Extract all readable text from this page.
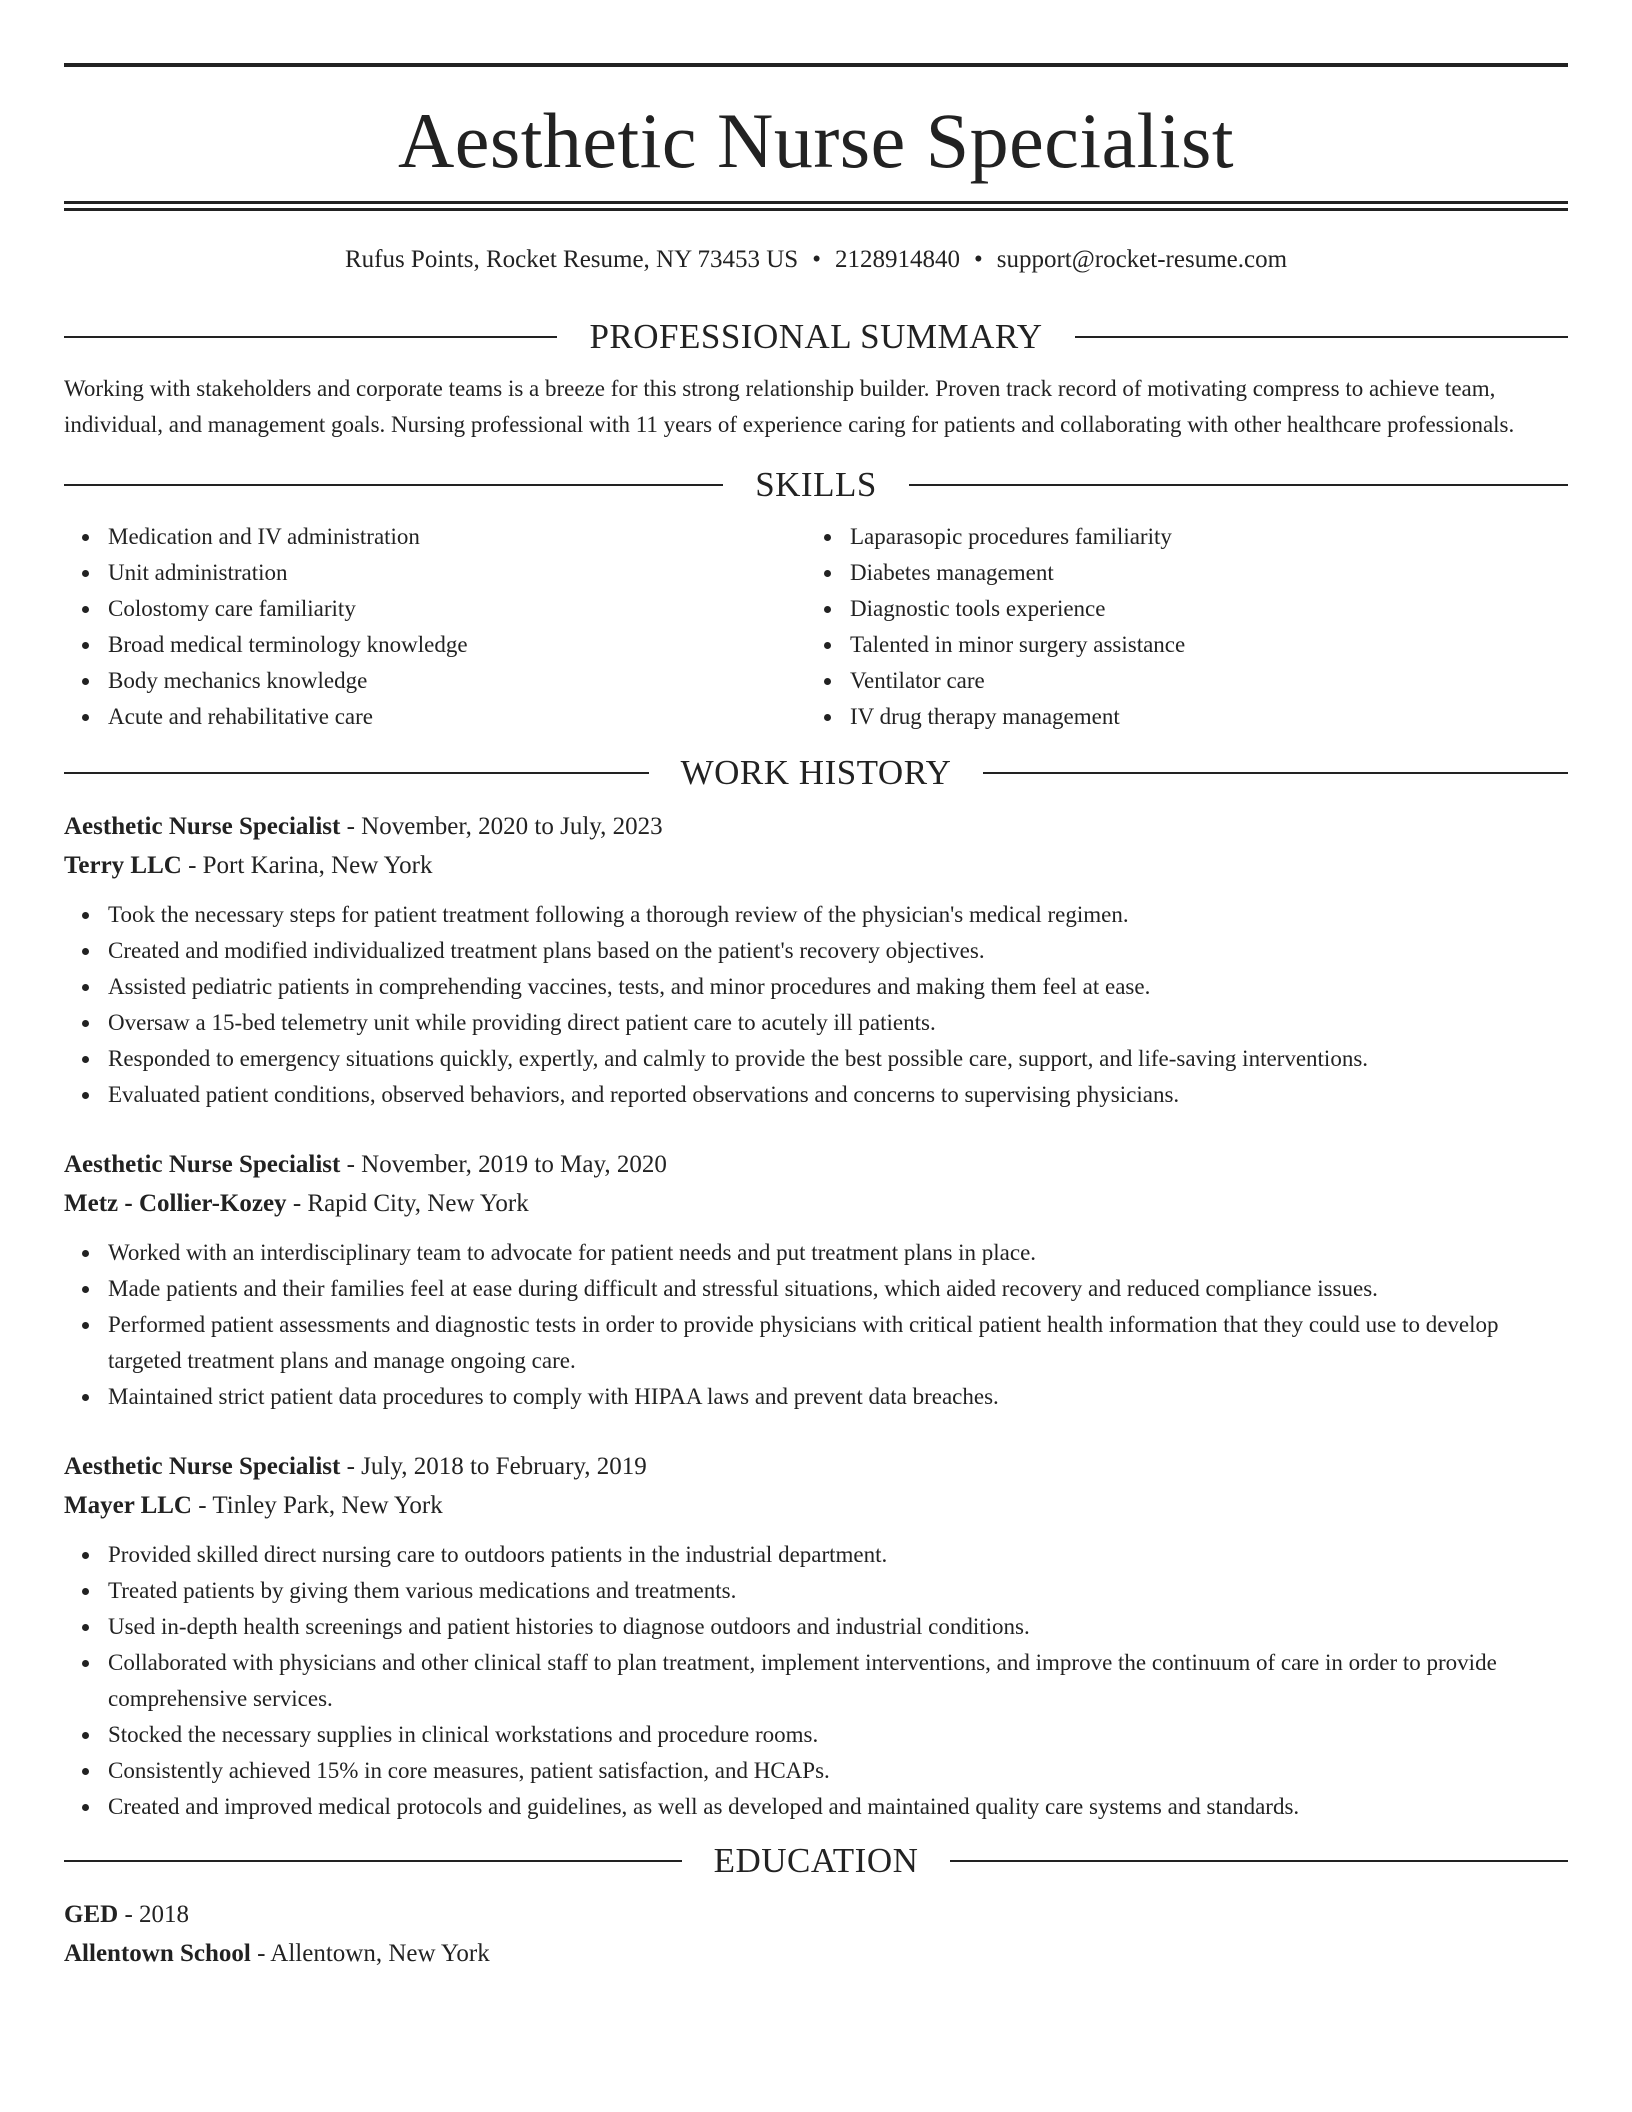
Aesthetic Nurse Specialist
Rufus Points, Rocket Resume, NY 73453 US • 2128914840 • support@rocket-resume.com
PROFESSIONAL SUMMARY
Working with stakeholders and corporate teams is a breeze for this strong relationship builder. Proven track record of motivating compress to achieve team, individual, and management goals. Nursing professional with 11 years of experience caring for patients and collaborating with other healthcare professionals.
SKILLS
Medication and IV administration
Unit administration
Colostomy care familiarity
Broad medical terminology knowledge
Body mechanics knowledge
Acute and rehabilitative care
Laparasopic procedures familiarity
Diabetes management
Diagnostic tools experience
Talented in minor surgery assistance
Ventilator care
IV drug therapy management
WORK HISTORY
Aesthetic Nurse Specialist - November, 2020 to July, 2023
Terry LLC - Port Karina, New York
Took the necessary steps for patient treatment following a thorough review of the physician's medical regimen.
Created and modified individualized treatment plans based on the patient's recovery objectives.
Assisted pediatric patients in comprehending vaccines, tests, and minor procedures and making them feel at ease.
Oversaw a 15-bed telemetry unit while providing direct patient care to acutely ill patients.
Responded to emergency situations quickly, expertly, and calmly to provide the best possible care, support, and life-saving interventions.
Evaluated patient conditions, observed behaviors, and reported observations and concerns to supervising physicians.
Aesthetic Nurse Specialist - November, 2019 to May, 2020
Metz - Collier-Kozey - Rapid City, New York
Worked with an interdisciplinary team to advocate for patient needs and put treatment plans in place.
Made patients and their families feel at ease during difficult and stressful situations, which aided recovery and reduced compliance issues.
Performed patient assessments and diagnostic tests in order to provide physicians with critical patient health information that they could use to develop targeted treatment plans and manage ongoing care.
Maintained strict patient data procedures to comply with HIPAA laws and prevent data breaches.
Aesthetic Nurse Specialist - July, 2018 to February, 2019
Mayer LLC - Tinley Park, New York
Provided skilled direct nursing care to outdoors patients in the industrial department.
Treated patients by giving them various medications and treatments.
Used in-depth health screenings and patient histories to diagnose outdoors and industrial conditions.
Collaborated with physicians and other clinical staff to plan treatment, implement interventions, and improve the continuum of care in order to provide comprehensive services.
Stocked the necessary supplies in clinical workstations and procedure rooms.
Consistently achieved 15% in core measures, patient satisfaction, and HCAPs.
Created and improved medical protocols and guidelines, as well as developed and maintained quality care systems and standards.
EDUCATION
GED - 2018
Allentown School - Allentown, New York
